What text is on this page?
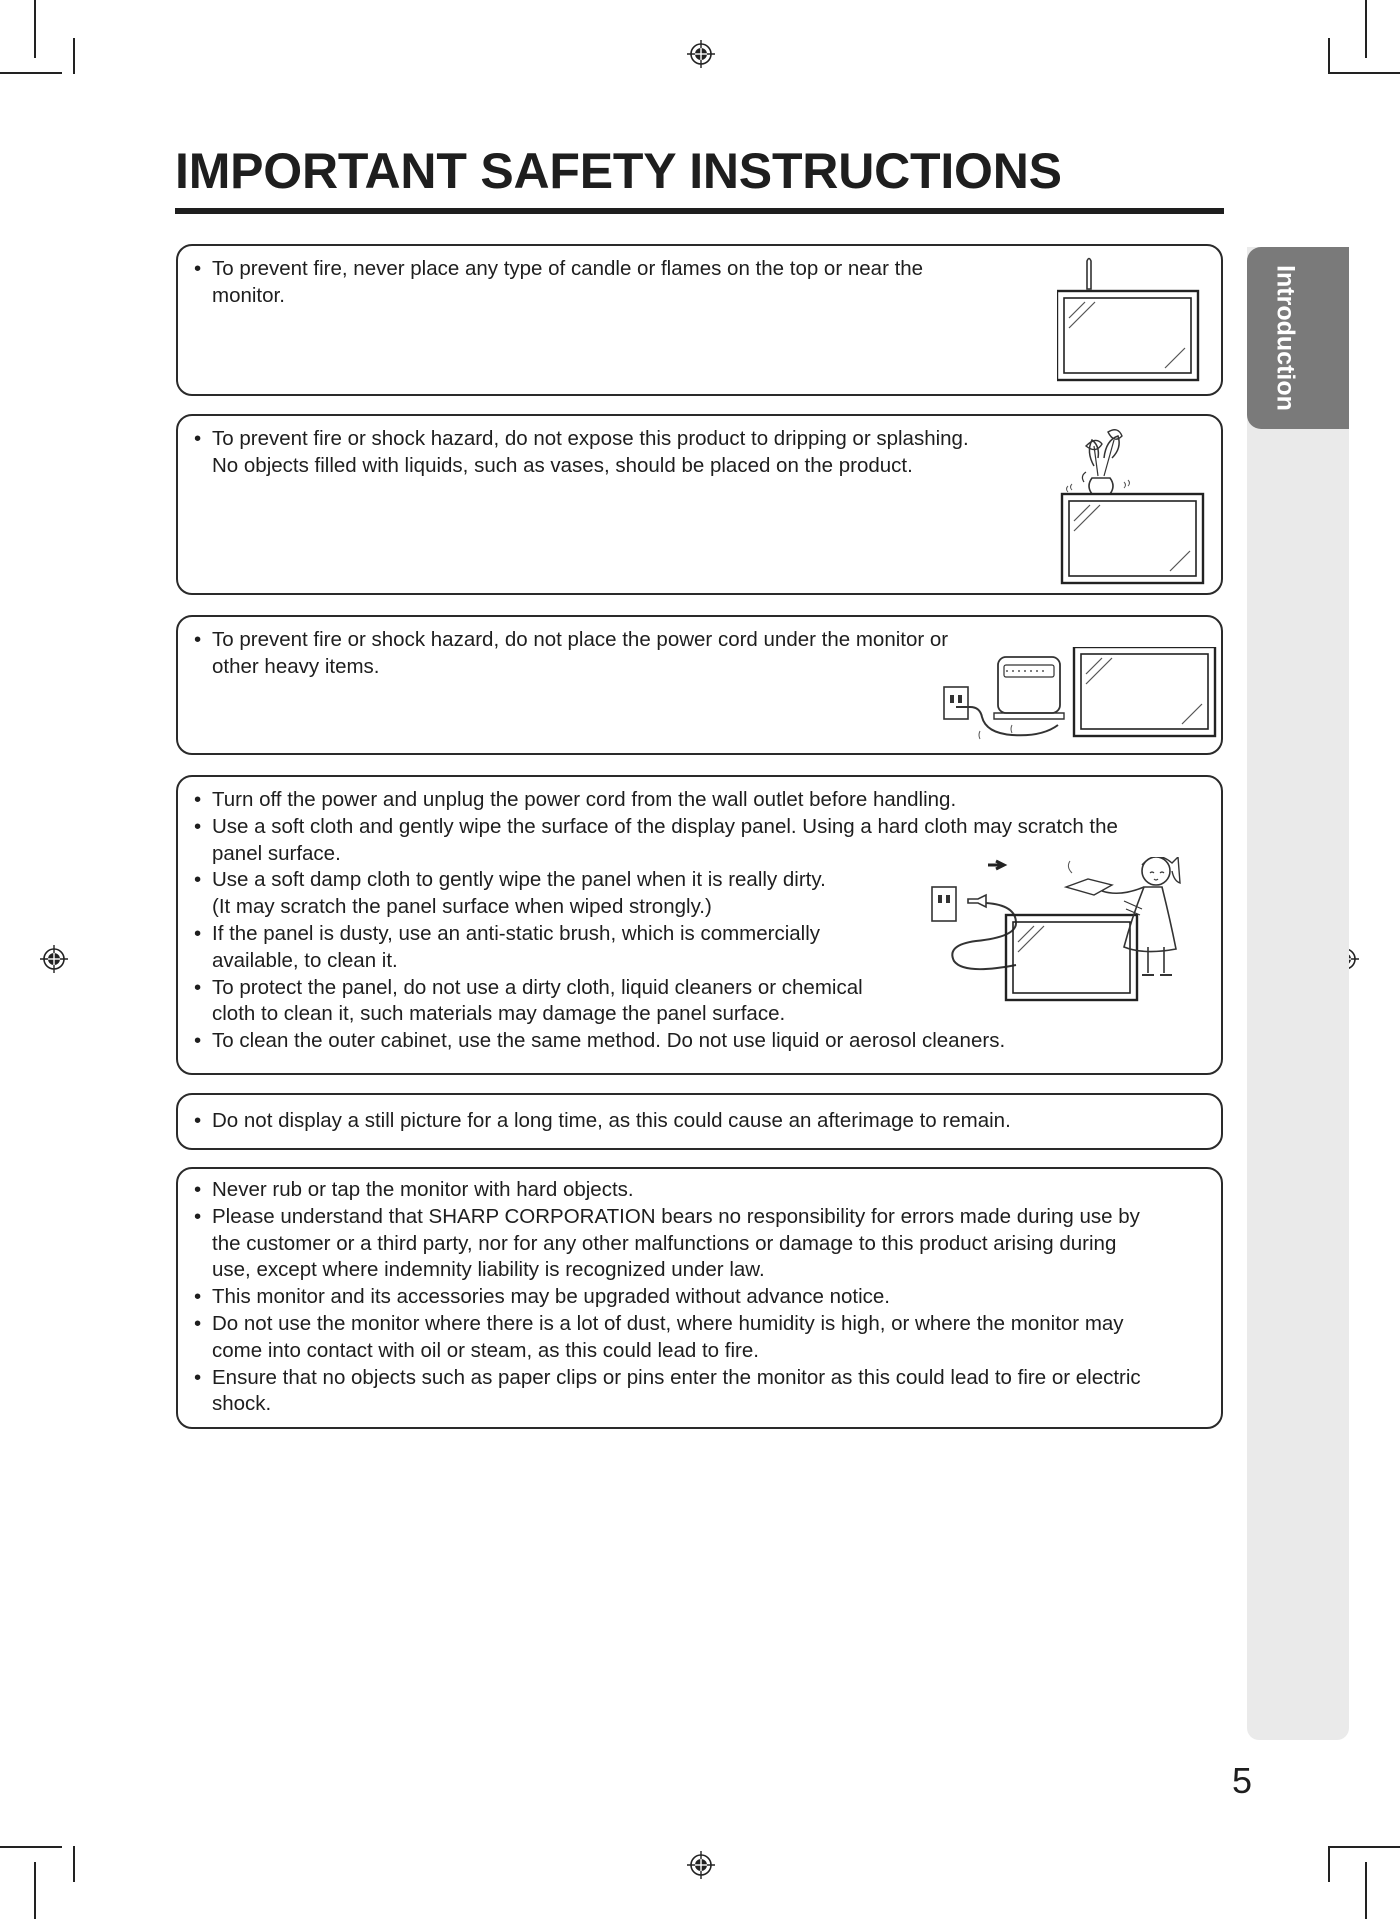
Introduction
IMPORTANT SAFETY INSTRUCTIONS
• To prevent fire, never place any type of candle or flames on the top or near the
monitor.
• To prevent fire or shock hazard, do not expose this product to dripping or splashing.
No objects filled with liquids, such as vases, should be placed on the product.
• To prevent fire or shock hazard, do not place the power cord under the monitor or
other heavy items.
• Turn off the power and unplug the power cord from the wall outlet before handling.
• Use a soft cloth and gently wipe the surface of the display panel. Using a hard cloth may scratch the
panel surface.
• Use a soft damp cloth to gently wipe the panel when it is really dirty.
(It may scratch the panel surface when wiped strongly.)
• If the panel is dusty, use an anti-static brush, which is commercially
available, to clean it.
• To protect the panel, do not use a dirty cloth, liquid cleaners or chemical
cloth to clean it, such materials may damage the panel surface.
• To clean the outer cabinet, use the same method. Do not use liquid or aerosol cleaners.
• Do not display a still picture for a long time, as this could cause an afterimage to remain.
• Never rub or tap the monitor with hard objects.
• Please understand that SHARP CORPORATION bears no responsibility for errors made during use by
the customer or a third party, nor for any other malfunctions or damage to this product arising during
use, except where indemnity liability is recognized under law.
• This monitor and its accessories may be upgraded without advance notice.
• Do not use the monitor where there is a lot of dust, where humidity is high, or where the monitor may
come into contact with oil or steam, as this could lead to fire.
• Ensure that no objects such as paper clips or pins enter the monitor as this could lead to fire or electric
shock.
5
